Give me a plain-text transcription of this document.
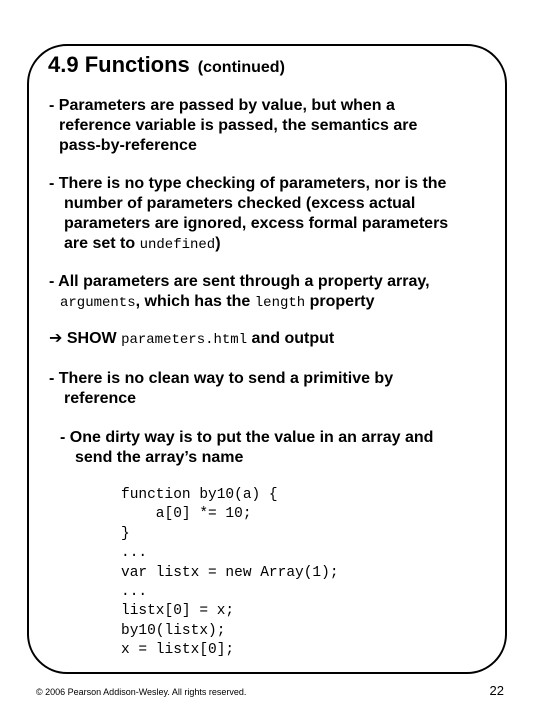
4.9 Functions (continued)
- Parameters are passed by value, but when a
reference variable is passed, the semantics are
pass-by-reference
- There is no type checking of parameters, nor is the
number of parameters checked (excess actual
parameters are ignored, excess formal parameters
are set to undefined)
- All parameters are sent through a property array,
arguments, which has the length property
➔ SHOW parameters.html and output
- There is no clean way to send a primitive by
reference
- One dirty way is to put the value in an array and
send the array’s name
function by10(a) {
a[0] *= 10;
}
...
var listx = new Array(1);
...
listx[0] = x;
by10(listx);
x = listx[0];
© 2006 Pearson Addison-Wesley. All rights reserved.	22
